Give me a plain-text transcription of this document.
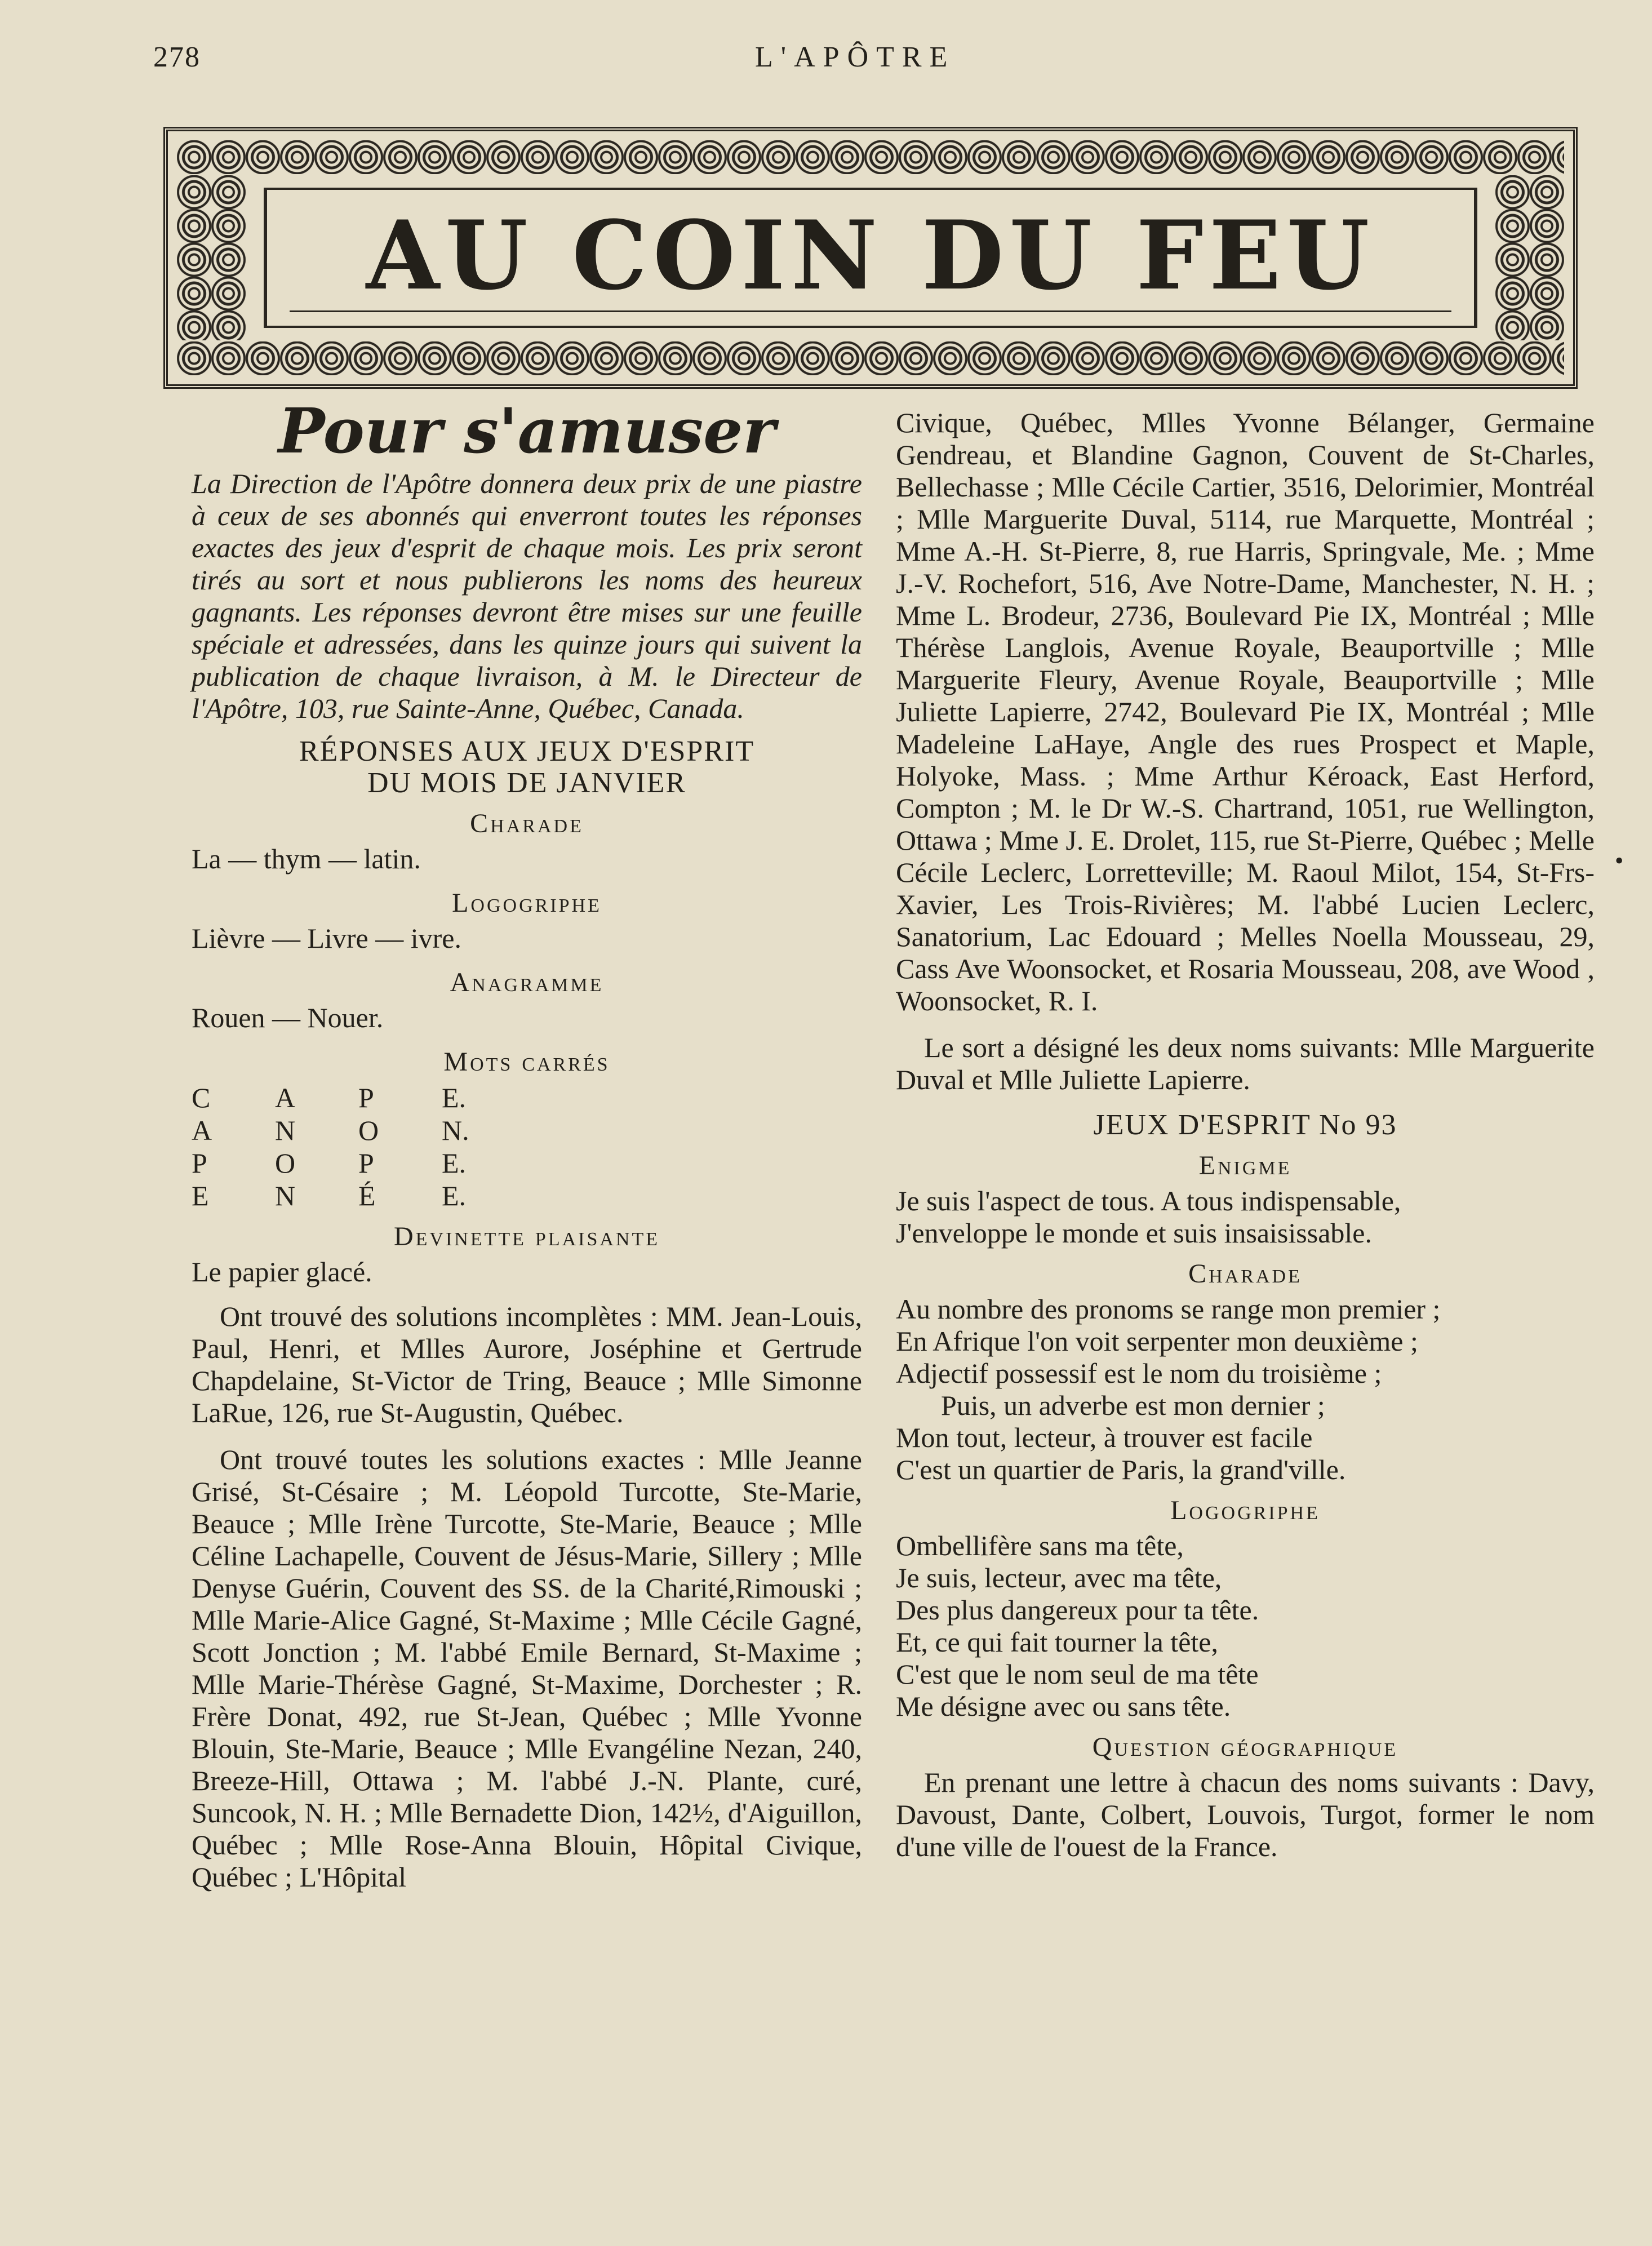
278	L'APÔTRE
AU COIN DU FEU

Pour s'amuser

La Direction de l'Apôtre donnera deux prix de une piastre à ceux de ses abonnés qui enverront toutes les réponses exactes des jeux d'esprit de chaque mois. Les prix seront tirés au sort et nous publierons les noms des heureux gagnants. Les réponses devront être mises sur une feuille spéciale et adressées, dans les quinze jours qui suivent la publication de chaque livraison, à M. le Directeur de l'Apôtre, 103, rue Sainte-Anne, Québec, Canada.

RÉPONSES AUX JEUX D'ESPRIT

DU MOIS DE JANVIER

Charade

La — thym — latin.

Logogriphe

Lièvre — Livre — ivre.

Anagramme

Rouen — Nouer.

Mots carrés

C	A	P	E.
A	N	O	N.
P	O	P	E.
E	N	É	E.

Devinette plaisante

Le papier glacé.

Ont trouvé des solutions incomplètes : MM. Jean-Louis, Paul, Henri, et Mlles Aurore, Joséphine et Gertrude Chapdelaine, St-Victor de Tring, Beauce ; Mlle Simonne LaRue, 126, rue St-Augustin, Québec.

Ont trouvé toutes les solutions exactes : Mlle Jeanne Grisé, St-Césaire ; M. Léopold Turcotte, Ste-Marie, Beauce ; Mlle Irène Turcotte, Ste-Marie, Beauce ; Mlle Céline Lachapelle, Couvent de Jésus-Marie, Sillery ; Mlle Denyse Guérin, Couvent des SS. de la Charité,Rimouski ; Mlle Marie-Alice Gagné, St-Maxime ; Mlle Cécile Gagné, Scott Jonction ; M. l'abbé Emile Bernard, St-Maxime ; Mlle Marie-Thérèse Gagné, St-Maxime, Dorchester ; R. Frère Donat, 492, rue St-Jean, Québec ; Mlle Yvonne Blouin, Ste-Marie, Beauce ; Mlle Evangéline Nezan, 240, Breeze-Hill, Ottawa ; M. l'abbé J.-N. Plante, curé, Suncook, N. H. ; Mlle Bernadette Dion, 142½, d'Aiguillon, Québec ; Mlle Rose-Anna Blouin, Hôpital Civique, Québec ; L'Hôpital

Civique, Québec, Mlles Yvonne Bélanger, Germaine Gendreau, et Blandine Gagnon, Couvent de St-Charles, Bellechasse ; Mlle Cécile Cartier, 3516, Delorimier, Montréal ; Mlle Marguerite Duval, 5114, rue Marquette, Montréal ; Mme A.-H. St-Pierre, 8, rue Harris, Springvale, Me. ; Mme J.-V. Rochefort, 516, Ave Notre-Dame, Manchester, N. H. ; Mme L. Brodeur, 2736, Boulevard Pie IX, Montréal ; Mlle Thérèse Langlois, Avenue Royale, Beauportville ; Mlle Marguerite Fleury, Avenue Royale, Beauportville ; Mlle Juliette Lapierre, 2742, Boulevard Pie IX, Montréal ; Mlle Madeleine LaHaye, Angle des rues Prospect et Maple, Holyoke, Mass. ; Mme Arthur Kéroack, East Herford, Compton ; M. le Dr W.-S. Chartrand, 1051, rue Wellington, Ottawa ; Mme J. E. Drolet, 115, rue St-Pierre, Québec ; Melle Cécile Leclerc, Lorretteville; M. Raoul Milot, 154, St-Frs-Xavier, Les Trois-Rivières; M. l'abbé Lucien Leclerc, Sanatorium, Lac Edouard ; Melles Noella Mousseau, 29, Cass Ave Woonsocket, et Rosaria Mousseau, 208, ave Wood , Woonsocket, R. I.

Le sort a désigné les deux noms suivants: Mlle Marguerite Duval et Mlle Juliette Lapierre.

JEUX D'ESPRIT No 93

Enigme

Je suis l'aspect de tous. A tous indispensable,

J'enveloppe le monde et suis insaisissable.

Charade

Au nombre des pronoms se range mon premier ;

En Afrique l'on voit serpenter mon deuxième ;

Adjectif possessif est le nom du troisième ;

Puis, un adverbe est mon dernier ;

Mon tout, lecteur, à trouver est facile

C'est un quartier de Paris, la grand'ville.

Logogriphe

Ombellifère sans ma tête,

Je suis, lecteur, avec ma tête,

Des plus dangereux pour ta tête.

Et, ce qui fait tourner la tête,

C'est que le nom seul de ma tête

Me désigne avec ou sans tête.

Question géographique

En prenant une lettre à chacun des noms suivants : Davy, Davoust, Dante, Colbert, Louvois, Turgot, former le nom d'une ville de l'ouest de la France.

•
